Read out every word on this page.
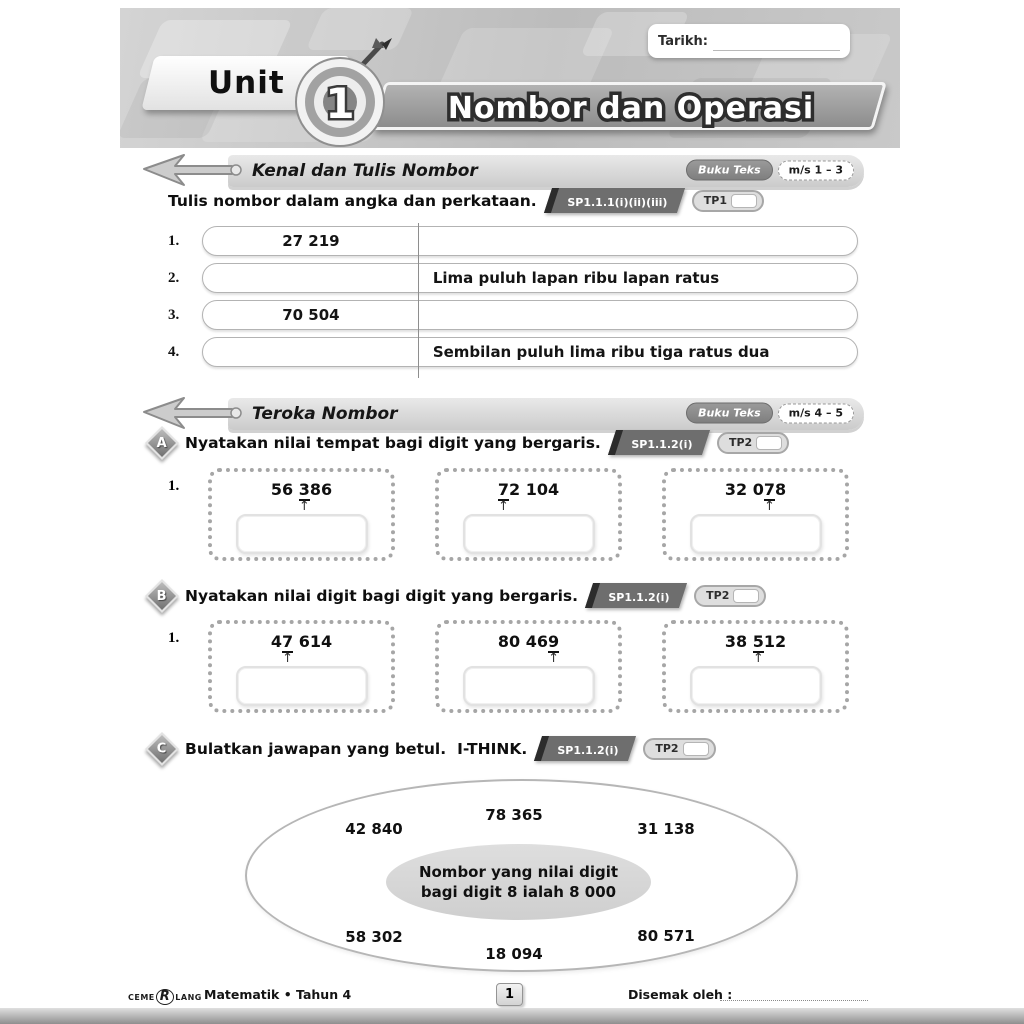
Tarikh:
Unit
Nombor dan Operasi
1
Kenal dan Tulis Nombor	Buku Teks	m/s 1 – 3
Tulis nombor dalam angka dan perkataan.	SP1.1.1(i)(ii)(iii)	TP1
1.	27 219
2.	Lima puluh lapan ribu lapan ratus
3.	70 504
4.	Sembilan puluh lima ribu tiga ratus dua
Teroka Nombor	Buku Teks	m/s 4 – 5
A Nyatakan nilai tempat bagi digit yang bergaris.	SP1.1.2(i)	TP2
1.	56 3
↑
86	7
↑
2 104	32 07
↑
8
B Nyatakan nilai digit bagi digit yang bergaris.	SP1.1.2(i)	TP2
1.	47
↑
614	80 469
↑
38 5
↑
12
C Bulatkan jawapan yang betul. I-THINK.	SP1.1.2(i)	TP2
Nombor yang nilai digit
bagi digit 8 ialah 8 000
78 365
42 840	31 138
58 302
18 094
80 571
CEME R LANG Matematik • Tahun 4	1	Disemak oleh :
